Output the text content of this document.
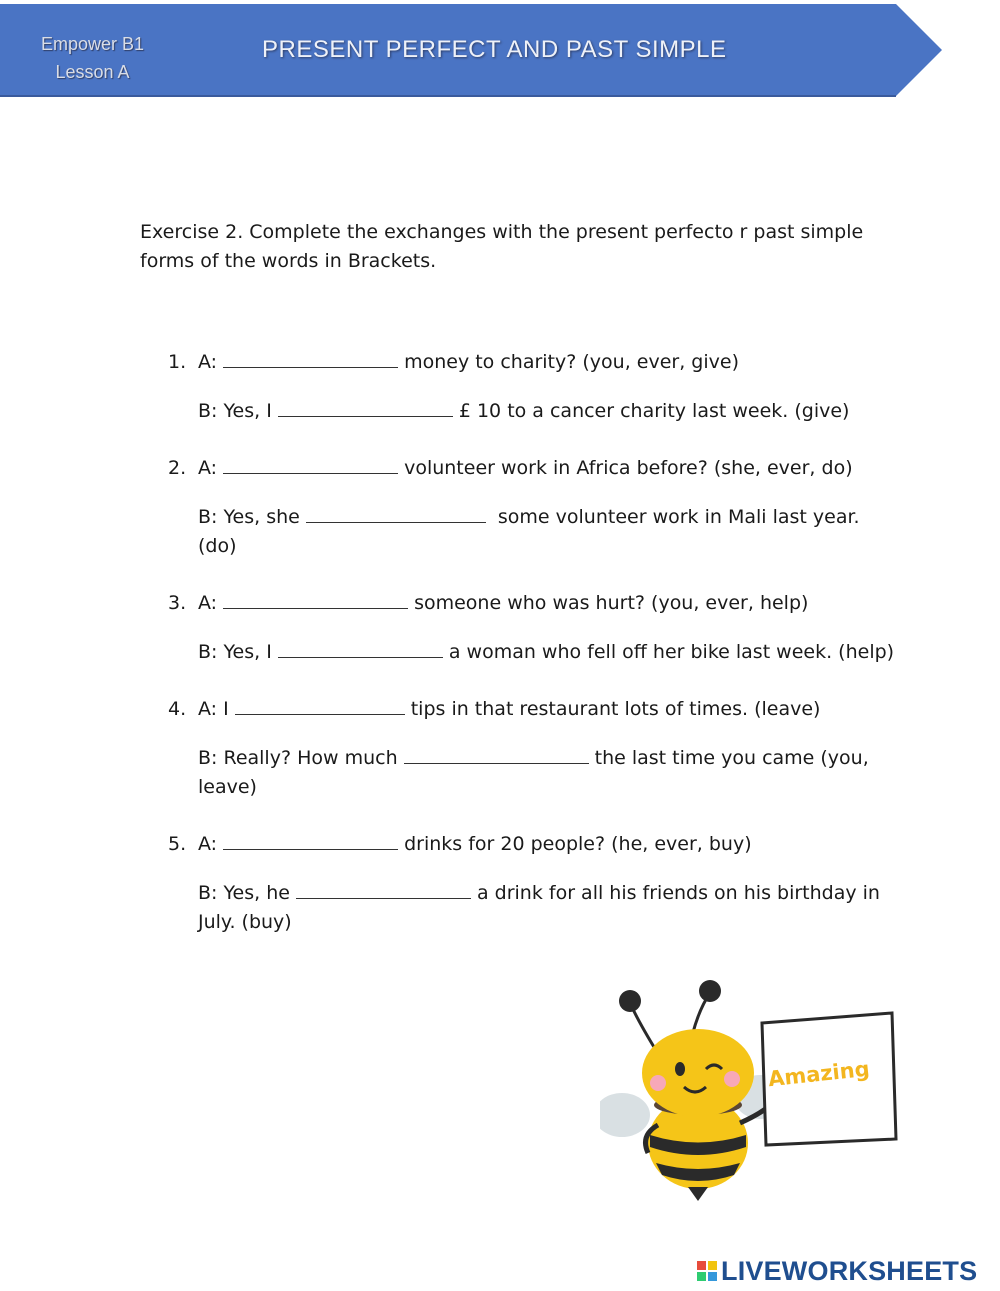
Empower B1
Lesson A
PRESENT PERFECT AND PAST SIMPLE
Exercise 2. Complete the exchanges with the present perfecto r past simple forms of the words in Brackets.
1. A:	money to charity? (you, ever, give)
B: Yes, I	£ 10 to a cancer charity last week. (give)
2. A:	volunteer work in Africa before? (she, ever, do)
B: Yes, she	some volunteer work in Mali last year. (do)
3. A:	someone who was hurt? (you, ever, help)
B: Yes, I	a woman who fell off her bike last week. (help)
4. A: I	tips in that restaurant lots of times. (leave)
B: Really? How much	the last time you came (you, leave)
5. A:	drinks for 20 people? (he, ever, buy)
B: Yes, he	a drink for all his friends on his birthday in July. (buy)
Amazing
LIVEWORKSHEETS
